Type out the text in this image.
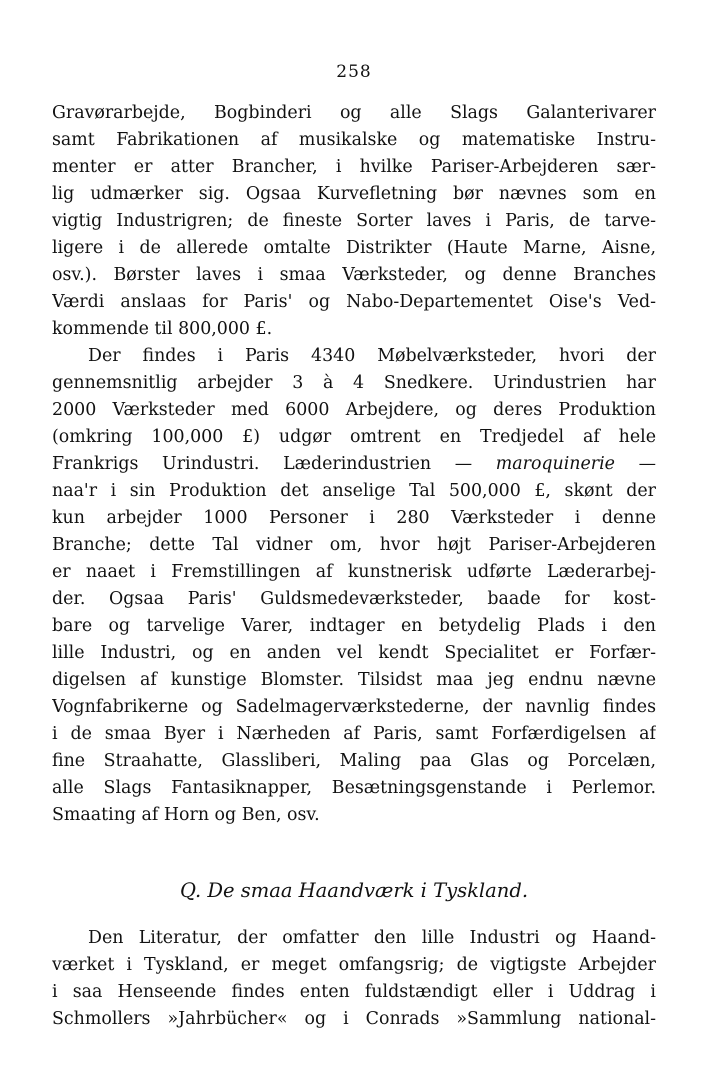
258
Gravørarbejde, Bogbinderi og alle Slags Galanterivarer
samt Fabrikationen af musikalske og matematiske Instru-
menter er atter Brancher, i hvilke Pariser-Arbejderen sær-
lig udmærker sig. Ogsaa Kurvefletning bør nævnes som en
vigtig Industrigren; de fineste Sorter laves i Paris, de tarve-
ligere i de allerede omtalte Distrikter (Haute Marne, Aisne,
osv.). Børster laves i smaa Værksteder, og denne Branches
Værdi anslaas for Paris' og Nabo-Departementet Oise's Ved-
kommende til 800,000 £.
Der findes i Paris 4340 Møbelværksteder, hvori der
gennemsnitlig arbejder 3 à 4 Snedkere. Urindustrien har
2000 Værksteder med 6000 Arbejdere, og deres Produktion
(omkring 100,000 £) udgør omtrent en Tredjedel af hele
Frankrigs Urindustri. Læderindustrien — maroquinerie —
naa'r i sin Produktion det anselige Tal 500,000 £, skønt der
kun arbejder 1000 Personer i 280 Værksteder i denne
Branche; dette Tal vidner om, hvor højt Pariser-Arbejderen
er naaet i Fremstillingen af kunstnerisk udførte Læderarbej-
der. Ogsaa Paris' Guldsmedeværksteder, baade for kost-
bare og tarvelige Varer, indtager en betydelig Plads i den
lille Industri, og en anden vel kendt Specialitet er Forfær-
digelsen af kunstige Blomster. Tilsidst maa jeg endnu nævne
Vognfabrikerne og Sadelmagerværkstederne, der navnlig findes
i de smaa Byer i Nærheden af Paris, samt Forfærdigelsen af
fine Straahatte, Glassliberi, Maling paa Glas og Porcelæn,
alle Slags Fantasiknapper, Besætningsgenstande i Perlemor.
Smaating af Horn og Ben, osv.
Q. De smaa Haandværk i Tyskland.
Den Literatur, der omfatter den lille Industri og Haand-
værket i Tyskland, er meget omfangsrig; de vigtigste Arbejder
i saa Henseende findes enten fuldstændigt eller i Uddrag i
Schmollers »Jahrbücher« og i Conrads »Sammlung national-
